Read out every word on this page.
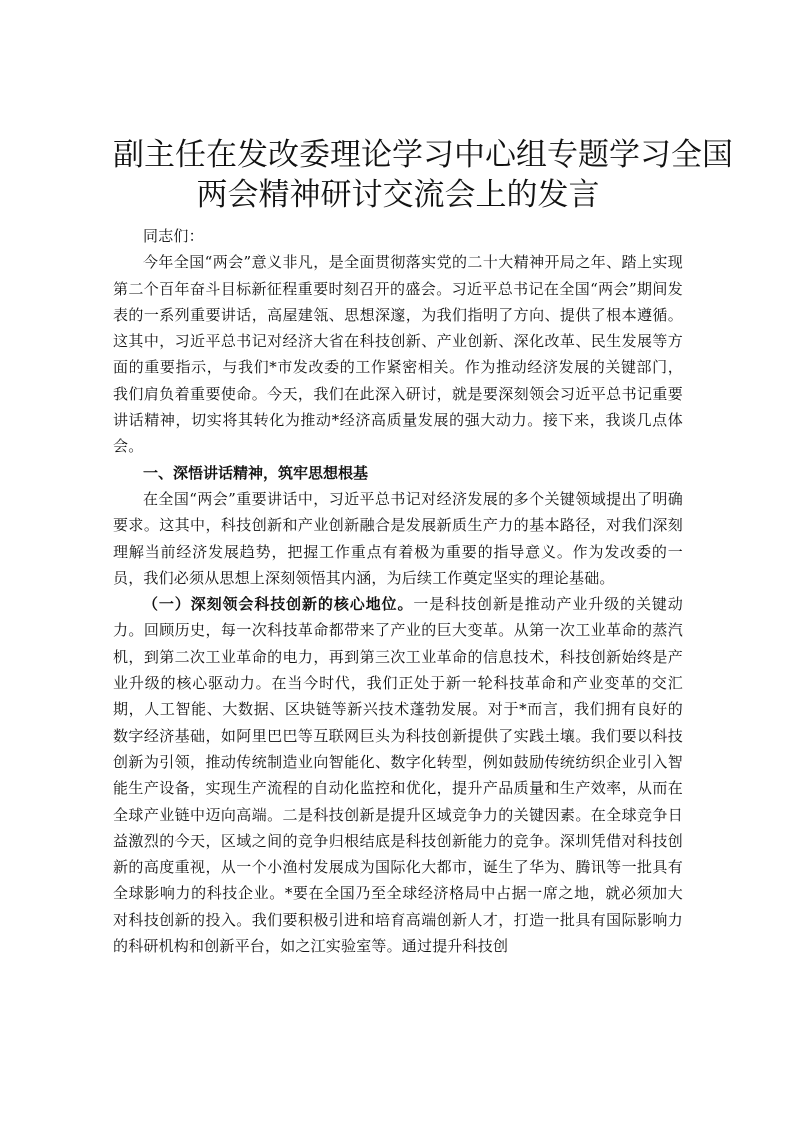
副主任在发改委理论学习中心组专题学习全国
两会精神研讨交流会上的发言

同志们：

今年全国“两会”意义非凡，是全面贯彻落实党的二十大精神开局之年、踏上实现第二个百年奋斗目标新征程重要时刻召开的盛会。习近平总书记在全国“两会”期间发表的一系列重要讲话，高屋建瓴、思想深邃，为我们指明了方向、提供了根本遵循。这其中，习近平总书记对经济大省在科技创新、产业创新、深化改革、民生发展等方面的重要指示，与我们*市发改委的工作紧密相关。作为推动经济发展的关键部门，我们肩负着重要使命。今天，我们在此深入研讨，就是要深刻领会习近平总书记重要讲话精神，切实将其转化为推动*经济高质量发展的强大动力。接下来，我谈几点体会。

一、深悟讲话精神，筑牢思想根基

在全国“两会”重要讲话中，习近平总书记对经济发展的多个关键领域提出了明确要求。这其中，科技创新和产业创新融合是发展新质生产力的基本路径，对我们深刻理解当前经济发展趋势，把握工作重点有着极为重要的指导意义。作为发改委的一员，我们必须从思想上深刻领悟其内涵，为后续工作奠定坚实的理论基础。

（一）深刻领会科技创新的核心地位。一是科技创新是推动产业升级的关键动力。回顾历史，每一次科技革命都带来了产业的巨大变革。从第一次工业革命的蒸汽机，到第二次工业革命的电力，再到第三次工业革命的信息技术，科技创新始终是产业升级的核心驱动力。在当今时代，我们正处于新一轮科技革命和产业变革的交汇期，人工智能、大数据、区块链等新兴技术蓬勃发展。对于*而言，我们拥有良好的数字经济基础，如阿里巴巴等互联网巨头为科技创新提供了实践土壤。我们要以科技创新为引领，推动传统制造业向智能化、数字化转型，例如鼓励传统纺织企业引入智能生产设备，实现生产流程的自动化监控和优化，提升产品质量和生产效率，从而在全球产业链中迈向高端。二是科技创新是提升区域竞争力的关键因素。在全球竞争日益激烈的今天，区域之间的竞争归根结底是科技创新能力的竞争。深圳凭借对科技创新的高度重视，从一个小渔村发展成为国际化大都市，诞生了华为、腾讯等一批具有全球影响力的科技企业。*要在全国乃至全球经济格局中占据一席之地，就必须加大对科技创新的投入。我们要积极引进和培育高端创新人才，打造一批具有国际影响力的科研机构和创新平台，如之江实验室等。通过提升科技创
